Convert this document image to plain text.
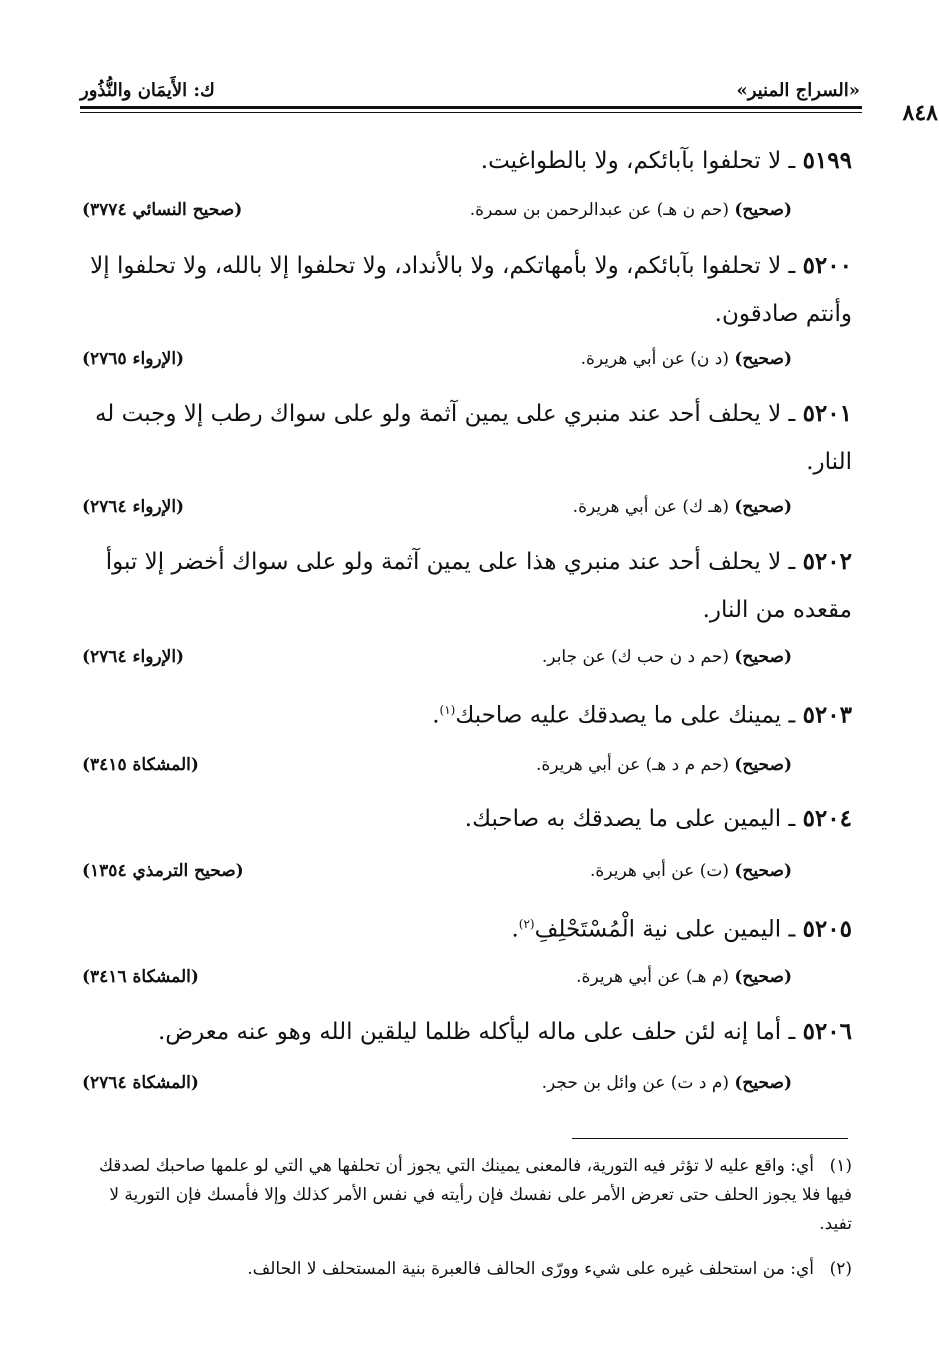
٨٤٨
«السراج المنير»
ك: الأَيمَان والنُّذُور
٥١٩٩ ـ لا تحلفوا بآبائكم، ولا بالطواغيت.
(صحيح) (حم ن هـ) عن عبدالرحمن بن سمرة.
(صحيح النسائي ٣٧٧٤)
٥٢٠٠ ـ لا تحلفوا بآبائكم، ولا بأمهاتكم، ولا بالأنداد، ولا تحلفوا إلا بالله، ولا تحلفوا إلا وأنتم صادقون.
(صحيح) (د ن) عن أبي هريرة.
(الإرواء ٢٧٦٥)
٥٢٠١ ـ لا يحلف أحد عند منبري على يمين آثمة ولو على سواك رطب إلا وجبت له النار.
(صحيح) (هـ ك) عن أبي هريرة.
(الإرواء ٢٧٦٤)
٥٢٠٢ ـ لا يحلف أحد عند منبري هذا على يمين آثمة ولو على سواك أخضر إلا تبوأ مقعده من النار.
(صحيح) (حم د ن حب ك) عن جابر.
(الإرواء ٢٧٦٤)
٥٢٠٣ ـ يمينك على ما يصدقك عليه صاحبك$^{(١)}$.
(صحيح) (حم م د هـ) عن أبي هريرة.
(المشكاة ٣٤١٥)
٥٢٠٤ ـ اليمين على ما يصدقك به صاحبك.
(صحيح) (ت) عن أبي هريرة.
(صحيح الترمذي ١٣٥٤)
٥٢٠٥ ـ اليمين على نية الْمُسْتَحْلِفِ$^{(٢)}$.
(صحيح) (م هـ) عن أبي هريرة.
(المشكاة ٣٤١٦)
٥٢٠٦ ـ أما إنه لئن حلف على ماله ليأكله ظلما ليلقين الله وهو عنه معرض.
(صحيح) (م د ت) عن وائل بن حجر.
(المشكاة ٢٧٦٤)
(١)أي: واقع عليه لا تؤثر فيه التورية، فالمعنى يمينك التي يجوز أن تحلفها هي التي لو علمها صاحبك لصدقك فيها فلا يجوز الحلف حتى تعرض الأمر على نفسك فإن رأيته في نفس الأمر كذلك وإلا فأمسك فإن التورية لا تفيد.
(٢)أي: من استحلف غيره على شيء وورّى الحالف فالعبرة بنية المستحلف لا الحالف.
